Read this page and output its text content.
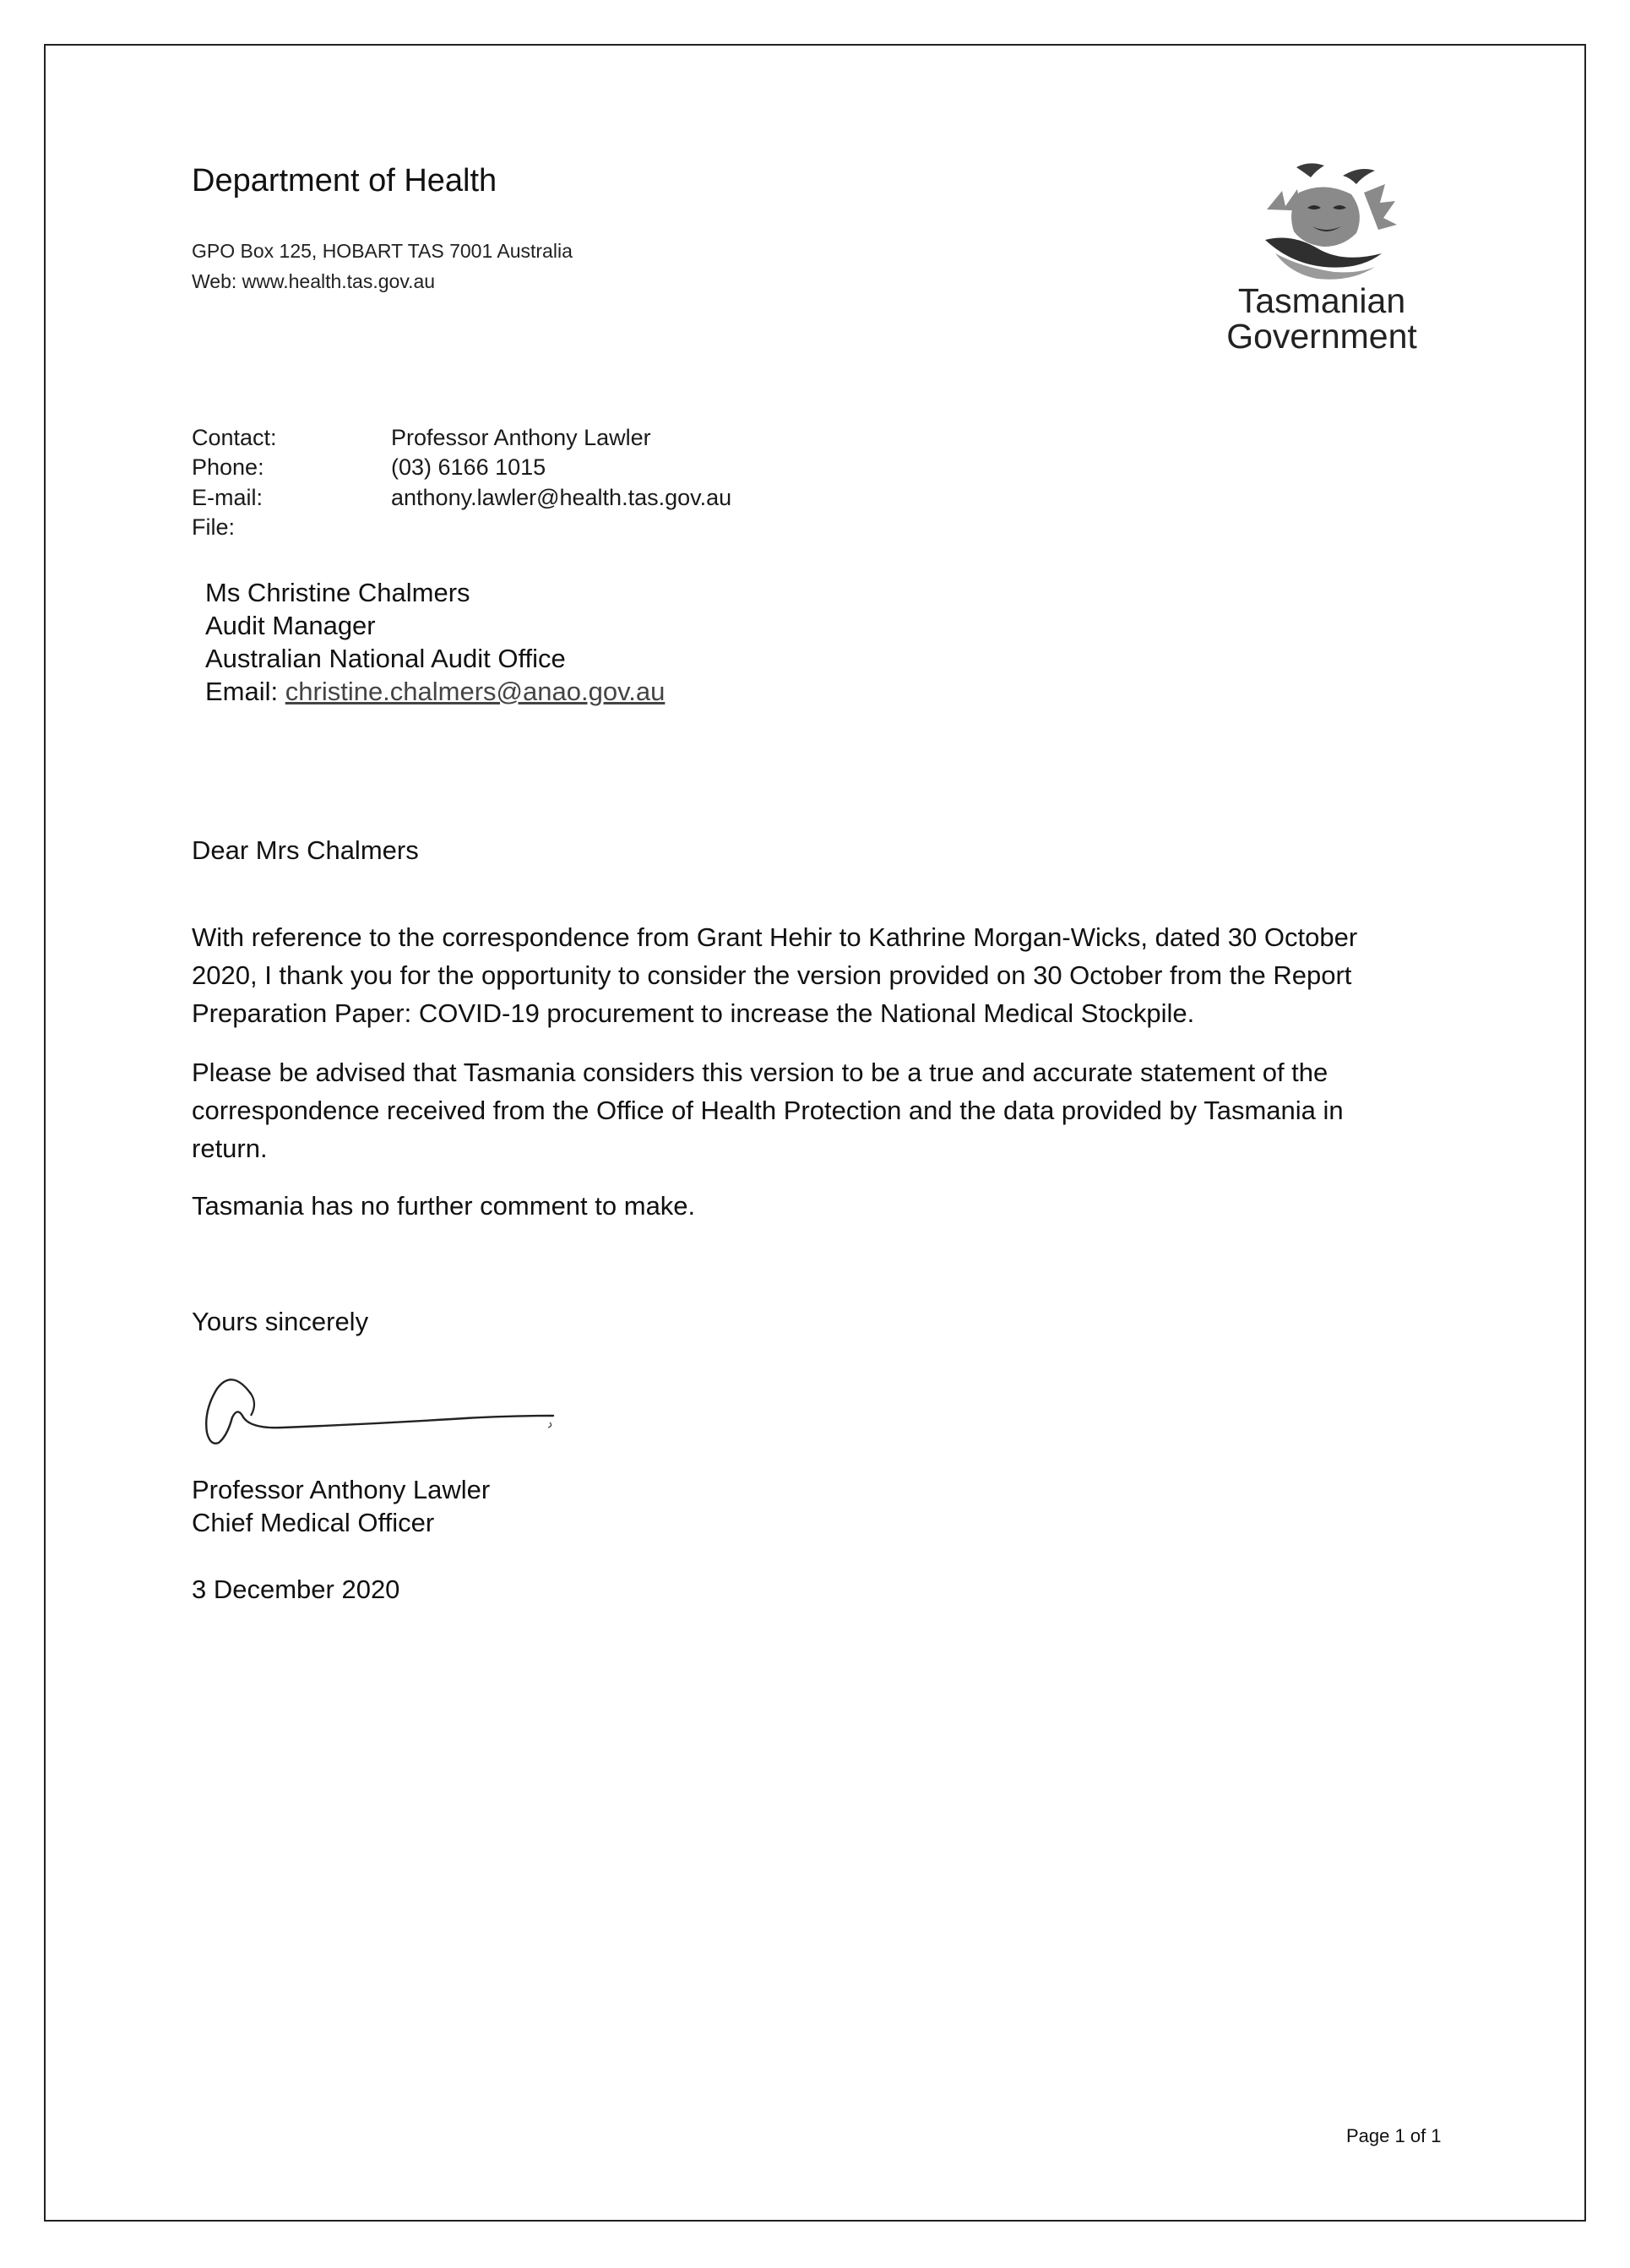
Department of Health
GPO Box 125, HOBART TAS 7001 Australia
Web: www.health.tas.gov.au	Tasmanian
Government
Contact:	Professor Anthony Lawler
Phone:	(03) 6166 1015
E-mail:	anthony.lawler@health.tas.gov.au
File:
Ms Christine Chalmers
Audit Manager
Australian National Audit Office
Email: christine.chalmers@anao.gov.au
Dear Mrs Chalmers
With reference to the correspondence from Grant Hehir to Kathrine Morgan-Wicks, dated 30 October 2020, I thank you for the opportunity to consider the version provided on 30 October from the Report Preparation Paper: COVID-19 procurement to increase the National Medical Stockpile.
Please be advised that Tasmania considers this version to be a true and accurate statement of the correspondence received from the Office of Health Protection and the data provided by Tasmania in return.
Tasmania has no further comment to make.
Yours sincerely
Professor Anthony Lawler
Chief Medical Officer
3 December 2020
Page 1 of 1
